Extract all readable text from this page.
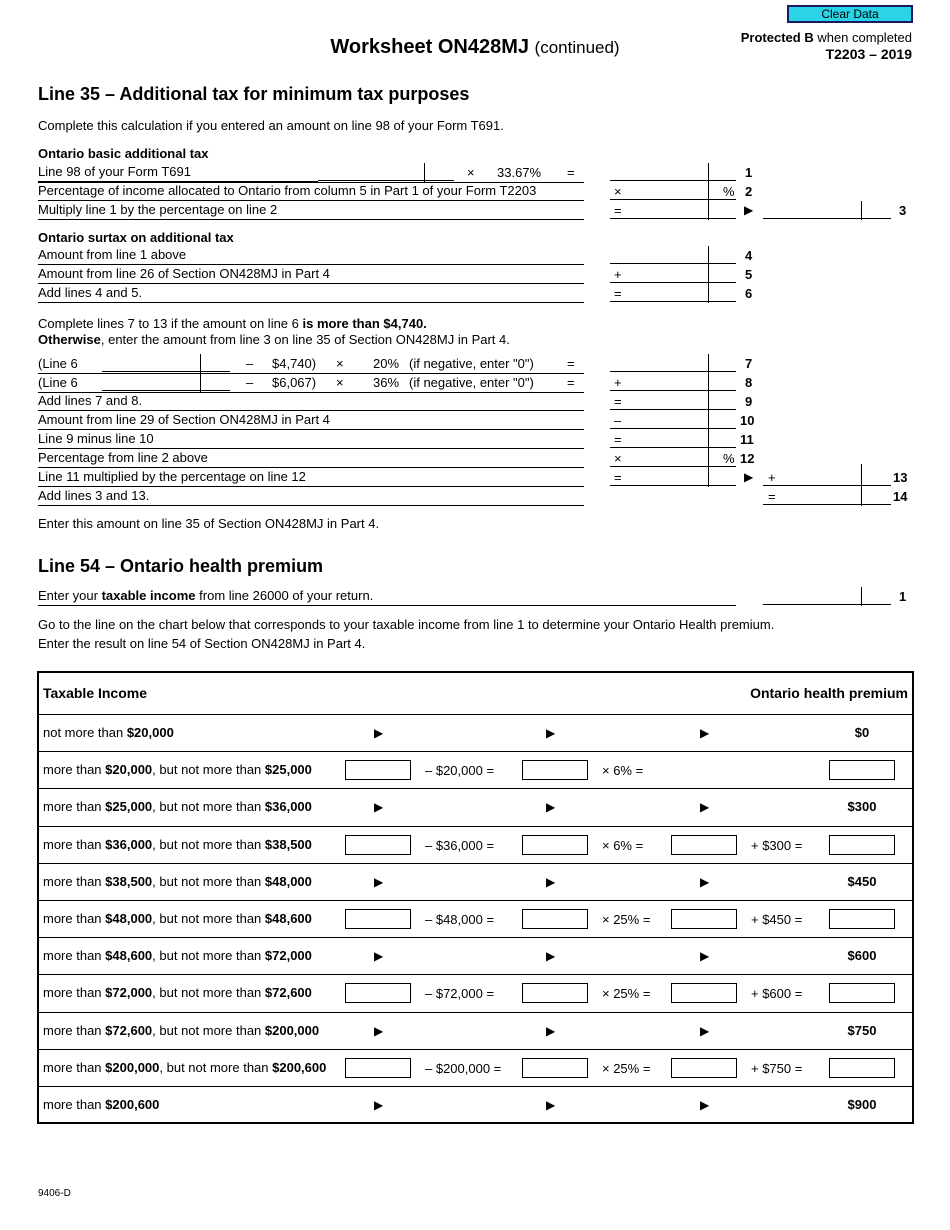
Clear Data
Worksheet ON428MJ (continued)
Protected B when completed
T2203 – 2019
Line 35 – Additional tax for minimum tax purposes
Complete this calculation if you entered an amount on line 98 of your Form T691.
Ontario basic additional tax
Line 98 of your Form T691	× 33.67% =	1
Percentage of income allocated to Ontario from column 5 in Part 1 of your Form T2203	×	% 2
Multiply line 1 by the percentage on line 2	=	▶	3
Ontario surtax on additional tax
Amount from line 1 above	4
Amount from line 26 of Section ON428MJ in Part 4	+	5
Add lines 4 and 5.	=	6
Complete lines 7 to 13 if the amount on line 6 is more than $4,740.
Otherwise, enter the amount from line 3 on line 35 of Section ON428MJ in Part 4.
(Line 6	– $4,740) × 20% (if negative, enter "0")	=	7
(Line 6	– $6,067) × 36% (if negative, enter "0")	=	+	8
Add lines 7 and 8.	=	9
Amount from line 29 of Section ON428MJ in Part 4	–	10
Line 9 minus line 10	=	11
Percentage from line 2 above	×	% 12
Line 11 multiplied by the percentage on line 12	=	▶ +	13
Add lines 3 and 13.	=	14
Enter this amount on line 35 of Section ON428MJ in Part 4.
Line 54 – Ontario health premium
Enter your taxable income from line 26000 of your return.	1
Go to the line on the chart below that corresponds to your taxable income from line 1 to determine your Ontario Health premium.
Enter the result on line 54 of Section ON428MJ in Part 4.
Taxable Income	Ontario health premium
not more than $20,000	▶	▶	▶	$0
more than $20,000, but not more than $25,000	– $20,000 =	× 6% =
more than $25,000, but not more than $36,000	▶	▶	▶	$300
more than $36,000, but not more than $38,500	– $36,000 =	× 6% =	+ $300 =
more than $38,500, but not more than $48,000	▶	▶	▶	$450
more than $48,000, but not more than $48,600	– $48,000 =	× 25% =	+ $450 =
more than $48,600, but not more than $72,000	▶	▶	▶	$600
more than $72,000, but not more than $72,600	– $72,000 =	× 25% =	+ $600 =
more than $72,600, but not more than $200,000	▶	▶	▶	$750
more than $200,000, but not more than $200,600	– $200,000 =	× 25% =	+ $750 =
more than $200,600	▶	▶	▶	$900
9406-D
